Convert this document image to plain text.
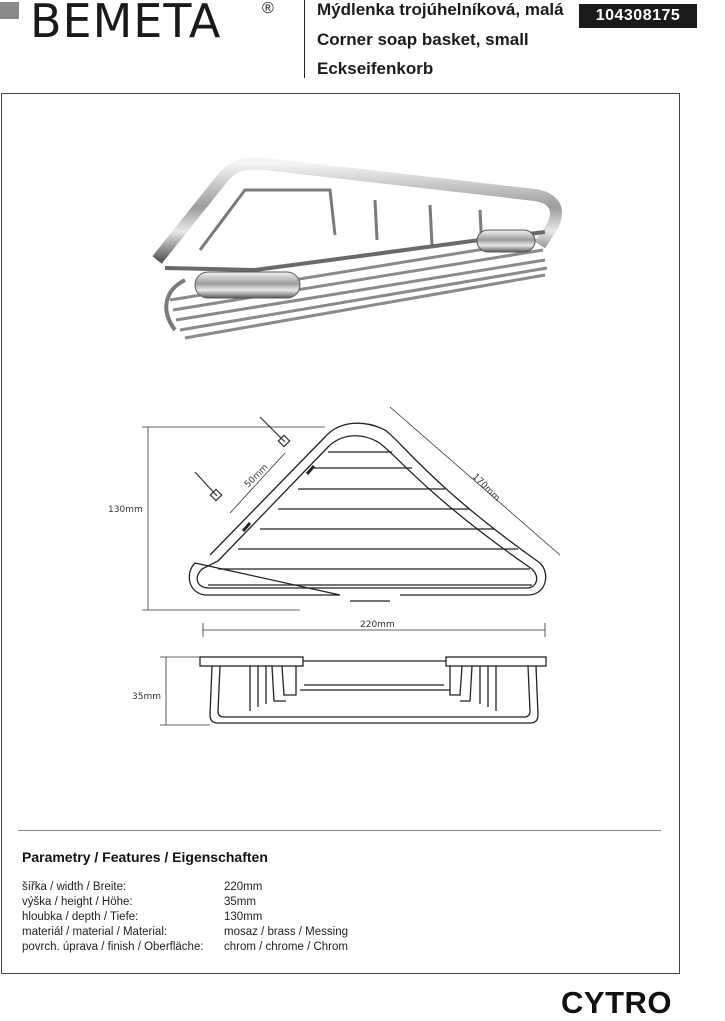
BEMETA	®	Mýdlenka trojúhelníková, malá
Corner soap basket, small
Eckseifenkorb
104308175
130mm
170mm
50mm
220mm
35mm
Parametry / Features / Eigenschaften
šířka / width / Breite:	220mm
výška / height / Höhe:	35mm
hloubka / depth / Tiefe:	130mm
materiál / material / Material:	mosaz / brass / Messing
povrch. úprava / finish / Oberfläche: chrom / chrome / Chrom
CYTRO
